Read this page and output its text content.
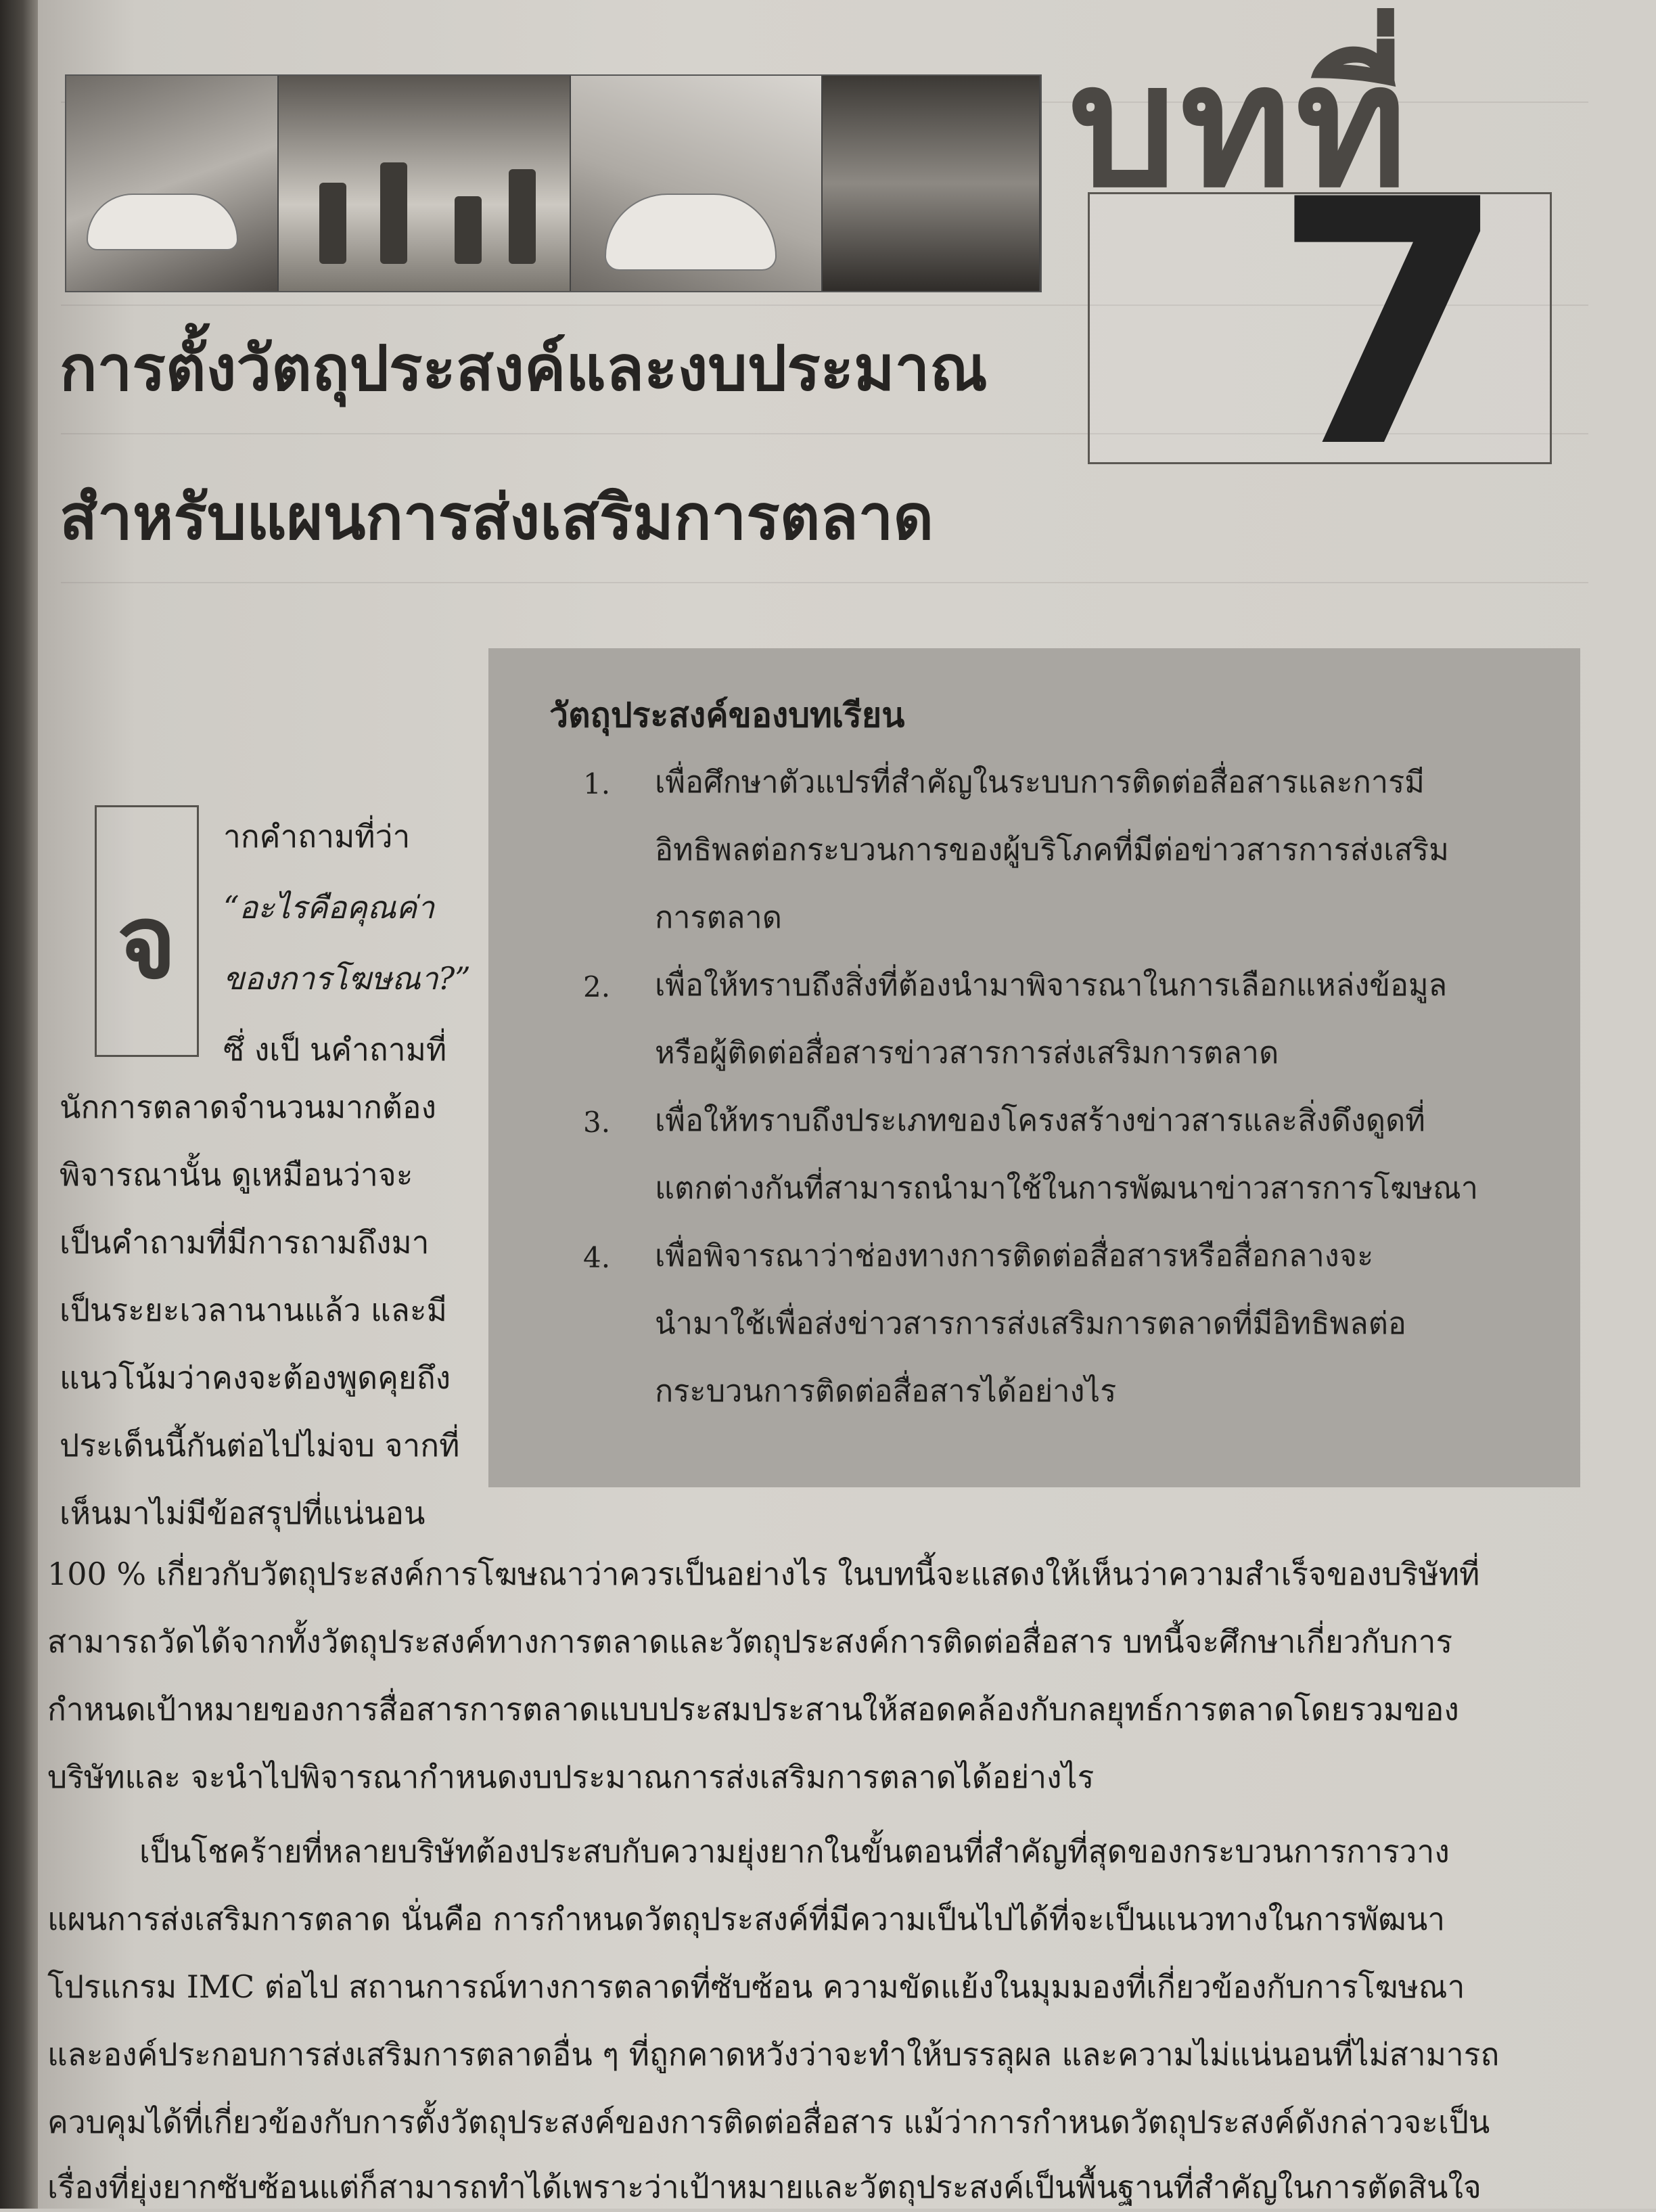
บทที่
7
การตั้งวัตถุประสงค์และงบประมาณ
สำหรับแผนการส่งเสริมการตลาด
วัตถุประสงค์ของบทเรียน
1. เพื่อศึกษาตัวแปรที่สำคัญในระบบการติดต่อสื่อสารและการมี
อิทธิพลต่อกระบวนการของผู้บริโภคที่มีต่อข่าวสารการส่งเสริม
การตลาด
2. เพื่อให้ทราบถึงสิ่งที่ต้องนำมาพิจารณาในการเลือกแหล่งข้อมูล
หรือผู้ติดต่อสื่อสารข่าวสารการส่งเสริมการตลาด
3. เพื่อให้ทราบถึงประเภทของโครงสร้างข่าวสารและสิ่งดึงดูดที่
แตกต่างกันที่สามารถนำมาใช้ในการพัฒนาข่าวสารการโฆษณา
4. เพื่อพิจารณาว่าช่องทางการติดต่อสื่อสารหรือสื่อกลางจะ
นำมาใช้เพื่อส่งข่าวสารการส่งเสริมการตลาดที่มีอิทธิพลต่อ
กระบวนการติดต่อสื่อสารได้อย่างไร
จ
ากคำถามที่ว่า
“อะไรคือคุณค่า
ของการโฆษณา?”
ซึ่ งเป็ นคำถามที่
นักการตลาดจำนวนมากต้อง
พิจารณานั้น ดูเหมือนว่าจะ
เป็นคำถามที่มีการถามถึงมา
เป็นระยะเวลานานแล้ว และมี
แนวโน้มว่าคงจะต้องพูดคุยถึง
ประเด็นนี้กันต่อไปไม่จบ จากที่
เห็นมาไม่มีข้อสรุปที่แน่นอน
100 % เกี่ยวกับวัตถุประสงค์การโฆษณาว่าควรเป็นอย่างไร ในบทนี้จะแสดงให้เห็นว่าความสำเร็จของบริษัทที่
สามารถวัดได้จากทั้งวัตถุประสงค์ทางการตลาดและวัตถุประสงค์การติดต่อสื่อสาร บทนี้จะศึกษาเกี่ยวกับการ
กำหนดเป้าหมายของการสื่อสารการตลาดแบบประสมประสานให้สอดคล้องกับกลยุทธ์การตลาดโดยรวมของ
บริษัทและ จะนำไปพิจารณากำหนดงบประมาณการส่งเสริมการตลาดได้อย่างไร
เป็นโชคร้ายที่หลายบริษัทต้องประสบกับความยุ่งยากในขั้นตอนที่สำคัญที่สุดของกระบวนการการวาง
แผนการส่งเสริมการตลาด นั่นคือ การกำหนดวัตถุประสงค์ที่มีความเป็นไปได้ที่จะเป็นแนวทางในการพัฒนา
โปรแกรม IMC ต่อไป สถานการณ์ทางการตลาดที่ซับซ้อน ความขัดแย้งในมุมมองที่เกี่ยวข้องกับการโฆษณา
และองค์ประกอบการส่งเสริมการตลาดอื่น ๆ ที่ถูกคาดหวังว่าจะทำให้บรรลุผล และความไม่แน่นอนที่ไม่สามารถ
ควบคุมได้ที่เกี่ยวข้องกับการตั้งวัตถุประสงค์ของการติดต่อสื่อสาร แม้ว่าการกำหนดวัตถุประสงค์ดังกล่าวจะเป็น
เรื่องที่ยุ่งยากซับซ้อนแต่ก็สามารถทำได้เพราะว่าเป้าหมายและวัตถุประสงค์เป็นพื้นฐานที่สำคัญในการตัดสินใจ
